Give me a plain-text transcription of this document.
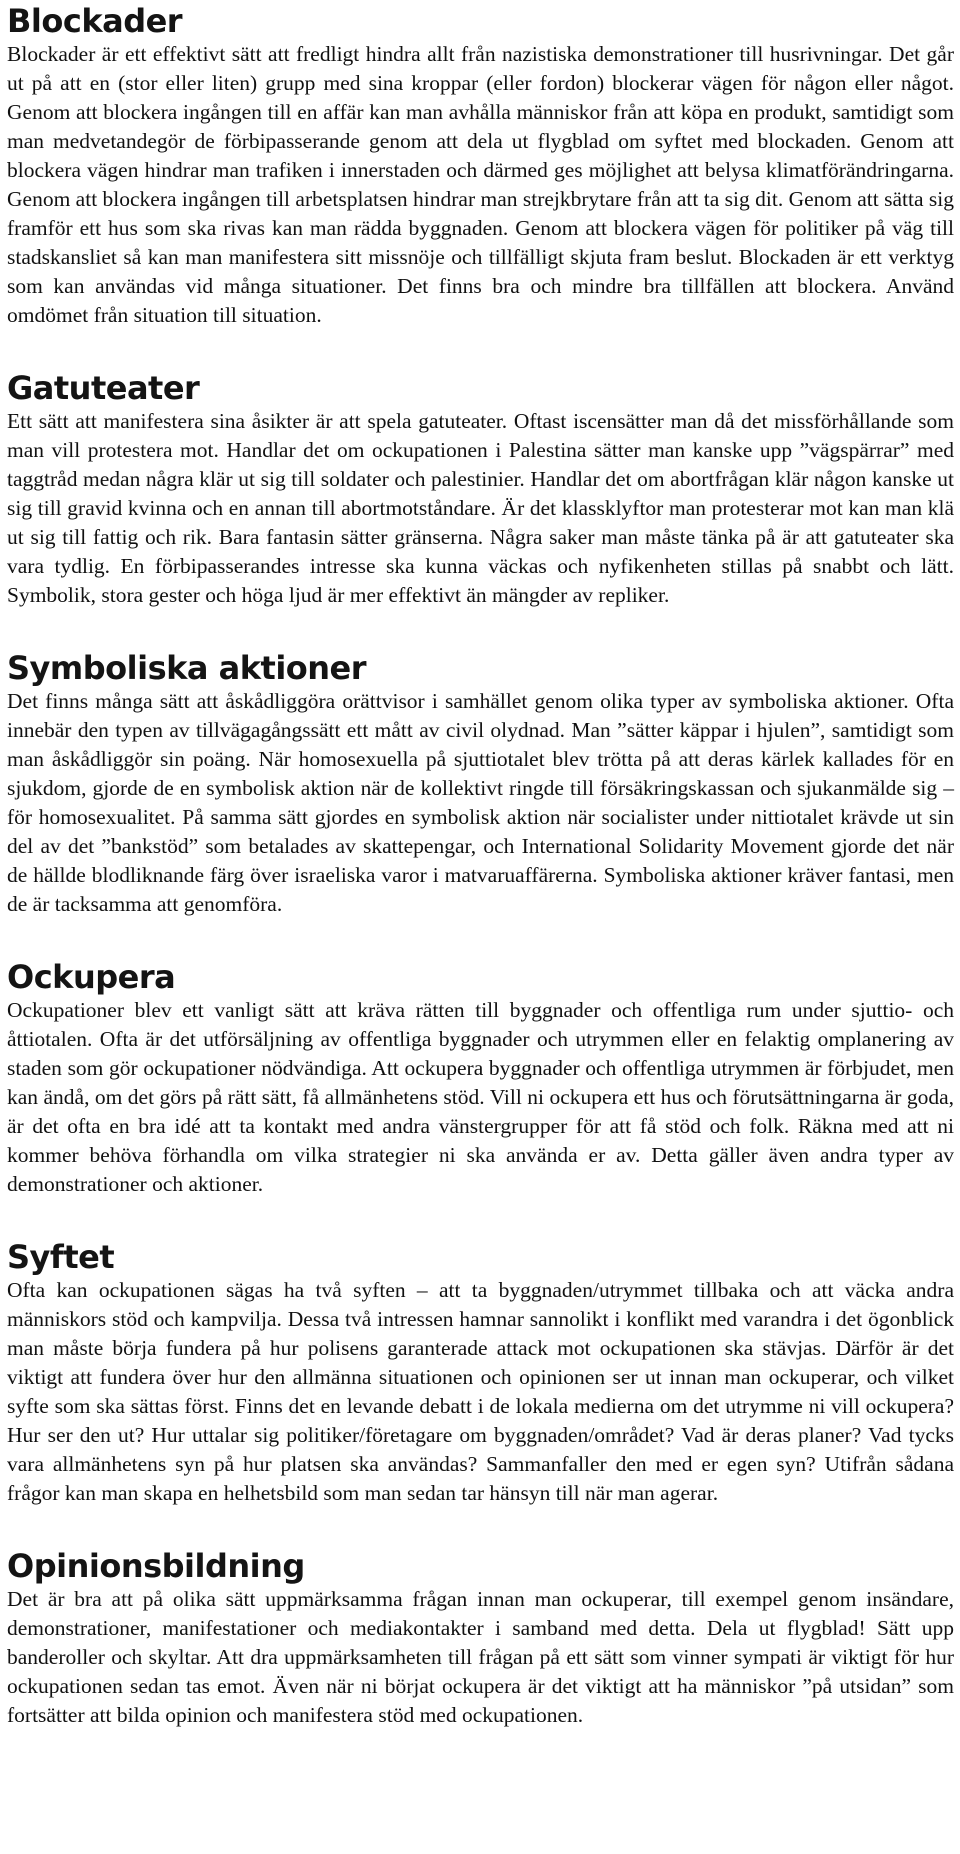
Blockader

Blockader är ett effektivt sätt att fredligt hindra allt från nazistiska demonstrationer till husrivningar. Det går ut på att en (stor eller liten) grupp med sina kroppar (eller fordon) blockerar vägen för någon eller något. Genom att blockera ingången till en affär kan man avhålla människor från att köpa en produkt, samtidigt som man medvetandegör de förbipasserande genom att dela ut flygblad om syftet med blockaden. Genom att blockera vägen hindrar man trafiken i innerstaden och därmed ges möjlighet att belysa klimatförändringarna. Genom att blockera ingången till arbetsplatsen hindrar man strejkbrytare från att ta sig dit. Genom att sätta sig framför ett hus som ska rivas kan man rädda byggnaden. Genom att blockera vägen för politiker på väg till stadskansliet så kan man manifestera sitt missnöje och tillfälligt skjuta fram beslut. Blockaden är ett verktyg som kan användas vid många situationer. Det finns bra och mindre bra tillfällen att blockera. Använd omdömet från situation till situation.

Gatuteater

Ett sätt att manifestera sina åsikter är att spela gatuteater. Oftast iscensätter man då det missförhållande som man vill protestera mot. Handlar det om ockupationen i Palestina sätter man kanske upp ”vägspärrar” med taggtråd medan några klär ut sig till soldater och palestinier. Handlar det om abortfrågan klär någon kanske ut sig till gravid kvinna och en annan till abortmotståndare. Är det klassklyftor man protesterar mot kan man klä ut sig till fattig och rik. Bara fantasin sätter gränserna. Några saker man måste tänka på är att gatuteater ska vara tydlig. En förbipasserandes intresse ska kunna väckas och nyfikenheten stillas på snabbt och lätt. Symbolik, stora gester och höga ljud är mer effektivt än mängder av repliker.

Symboliska aktioner

Det finns många sätt att åskådliggöra orättvisor i samhället genom olika typer av symboliska aktioner. Ofta innebär den typen av tillvägagångssätt ett mått av civil olydnad. Man ”sätter käppar i hjulen”, samtidigt som man åskådliggör sin poäng. När homosexuella på sjuttiotalet blev trötta på att deras kärlek kallades för en sjukdom, gjorde de en symbolisk aktion när de kollektivt ringde till försäkringskassan och sjukanmälde sig – för homosexualitet. På samma sätt gjordes en symbolisk aktion när socialister under nittiotalet krävde ut sin del av det ”bankstöd” som betalades av skattepengar, och International Solidarity Movement gjorde det när de hällde blodliknande färg över israeliska varor i matvaruaffärerna. Symboliska aktioner kräver fantasi, men de är tacksamma att genomföra.

Ockupera

Ockupationer blev ett vanligt sätt att kräva rätten till byggnader och offentliga rum under sjuttio- och åttiotalen. Ofta är det utförsäljning av offentliga byggnader och utrymmen eller en felaktig omplanering av staden som gör ockupationer nödvändiga. Att ockupera byggnader och offentliga utrymmen är förbjudet, men kan ändå, om det görs på rätt sätt, få allmänhetens stöd. Vill ni ockupera ett hus och förutsättningarna är goda, är det ofta en bra idé att ta kontakt med andra vänstergrupper för att få stöd och folk. Räkna med att ni kommer behöva förhandla om vilka strategier ni ska använda er av. Detta gäller även andra typer av demonstrationer och aktioner.

Syftet

Ofta kan ockupationen sägas ha två syften – att ta byggnaden/utrymmet tillbaka och att väcka andra människors stöd och kampvilja. Dessa två intressen hamnar sannolikt i konflikt med varandra i det ögonblick man måste börja fundera på hur polisens garanterade attack mot ockupationen ska stävjas. Därför är det viktigt att fundera över hur den allmänna situationen och opinionen ser ut innan man ockuperar, och vilket syfte som ska sättas först. Finns det en levande debatt i de lokala medierna om det utrymme ni vill ockupera? Hur ser den ut? Hur uttalar sig politiker/företagare om byggnaden/området? Vad är deras planer? Vad tycks vara allmänhetens syn på hur platsen ska användas? Sammanfaller den med er egen syn? Utifrån sådana frågor kan man skapa en helhetsbild som man sedan tar hänsyn till när man agerar.

Opinionsbildning

Det är bra att på olika sätt uppmärksamma frågan innan man ockuperar, till exempel genom insändare, demonstrationer, manifestationer och mediakontakter i samband med detta. Dela ut flygblad! Sätt upp banderoller och skyltar. Att dra uppmärksamheten till frågan på ett sätt som vinner sympati är viktigt för hur ockupationen sedan tas emot. Även när ni börjat ockupera är det viktigt att ha människor ”på utsidan” som fortsätter att bilda opinion och manifestera stöd med ockupationen.
